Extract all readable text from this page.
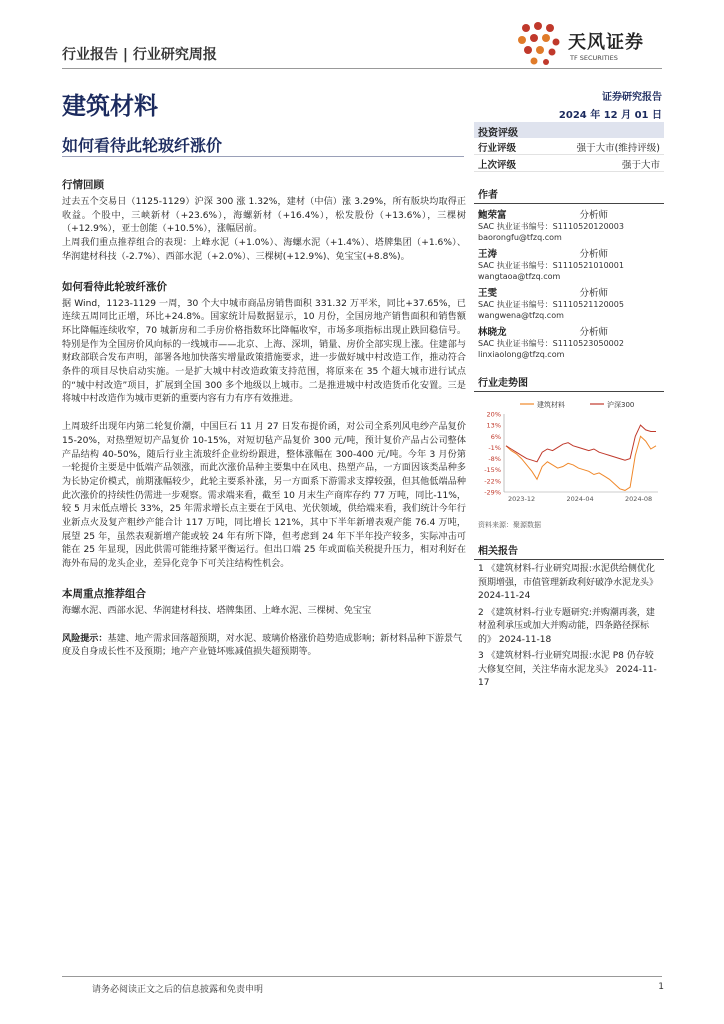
行业报告 | 行业研究周报
天风证券
TF SECURITIES
建筑材料	证券研究报告
2024 年 12 月 01 日
如何看待此轮玻纤涨价
行情回顾
过去五个交易日（1125-1129）沪深 300 涨 1.32%，建材（中信）涨 3.29%，所有版块均取得正收益。个股中，三峡新材（+23.6%），海螺新材（+16.4%），松发股份（+13.6%），三棵树（+12.9%），亚士创能（+10.5%），涨幅居前。
上周我们重点推荐组合的表现：上峰水泥（+1.0%）、海螺水泥（+1.4%）、塔牌集团（+1.6%）、华润建材科技（-2.7%）、西部水泥（+2.0%）、三棵树(+12.9%)、免宝宝(+8.8%)。
如何看待此轮玻纤涨价
据 Wind，1123-1129 一周，30 个大中城市商品房销售面积 331.32 万平米，同比+37.65%，已连续五周同比正增，环比+24.8%。国家统计局数据显示，10 月份，全国房地产销售面积和销售额环比降幅连续收窄，70 城新房和二手房价格指数环比降幅收窄，市场多项指标出现止跌回稳信号。特别是作为全国房价风向标的一线城市——北京、上海、深圳，销量、房价全部实现上涨。住建部与财政部联合发布声明，部署各地加快落实增量政策措施要求，进一步做好城中村改造工作，推动符合条件的项目尽快启动实施。一是扩大城中村改造政策支持范围，将原来在 35 个超大城市进行试点的“城中村改造”项目，扩展到全国 300 多个地级以上城市。二是推进城中村改造货币化安置。三是将城中村改造作为城市更新的重要内容有力有序有效推进。
上周玻纤出现年内第二轮复价潮，中国巨石 11 月 27 日发布提价函，对公司全系列风电纱产品复价 15-20%，对热塑短切产品复价 10-15%，对短切毡产品复价 300 元/吨，预计复价产品占公司整体产品结构 40-50%，随后行业主流玻纤企业纷纷跟进，整体涨幅在 300-400 元/吨。今年 3 月份第一轮提价主要是中低端产品领涨，而此次涨价品种主要集中在风电、热塑产品，一方面因该类品种多为长协定价模式，前期涨幅较少，此轮主要系补涨，另一方面系下游需求支撑较强，但其他低端品种此次涨价的持续性仍需进一步观察。需求端来看，截至 10 月末生产商库存约 77 万吨，同比-11%，较 5 月末低点增长 33%，25 年需求增长点主要在于风电、光伏领域，供给端来看，我们统计今年行业新点火及复产粗纱产能合计 117 万吨，同比增长 121%，其中下半年新增表观产能 76.4 万吨，展望 25 年，虽然表观新增产能或较 24 年有所下降，但考虑到 24 年下半年投产较多，实际冲击可能在 25 年显现，因此供需可能维持紧平衡运行。但出口端 25 年或面临关税提升压力，相对利好在海外布局的龙头企业，差异化竞争下可关注结构性机会。
本周重点推荐组合
海螺水泥、西部水泥、华润建材科技、塔牌集团、上峰水泥、三棵树、免宝宝
风险提示：基建、地产需求回落超预期，对水泥、玻璃价格涨价趋势造成影响；新材料品种下游景气度及自身成长性不及预期；地产产业链坏账减值损失超预期等。
投资评级
行业评级	强于大市(维持评级)
上次评级	强于大市
作者
鲍荣富	分析师
SAC 执业证书编号：S1110520120003
baorongfu@tfzq.com
王涛	分析师
SAC 执业证书编号：S1110521010001
wangtaoa@tfzq.com
王雯	分析师
SAC 执业证书编号：S1110521120005
wangwena@tfzq.com
林晓龙	分析师
SAC 执业证书编号：S1110523050002
linxiaolong@tfzq.com
行业走势图
建筑材料	沪深300
20%
13%
6%
-1%
-8%
-15%
-22%
-29%
2023-12	2024-04	2024-08
资料来源：聚源数据
相关报告
1 《建筑材料-行业研究周报:水泥供给侧优化预期增强，市值管理新政利好破净水泥龙头》 2024-11-24
2 《建筑材料-行业专题研究:并购潮再袭，建材盈利承压或加大并购动能，四条路径探标的》 2024-11-18
3 《建筑材料-行业研究周报:水泥 P8 仍存较大修复空间，关注华南水泥龙头》 2024-11-17
请务必阅读正文之后的信息披露和免责申明	1
